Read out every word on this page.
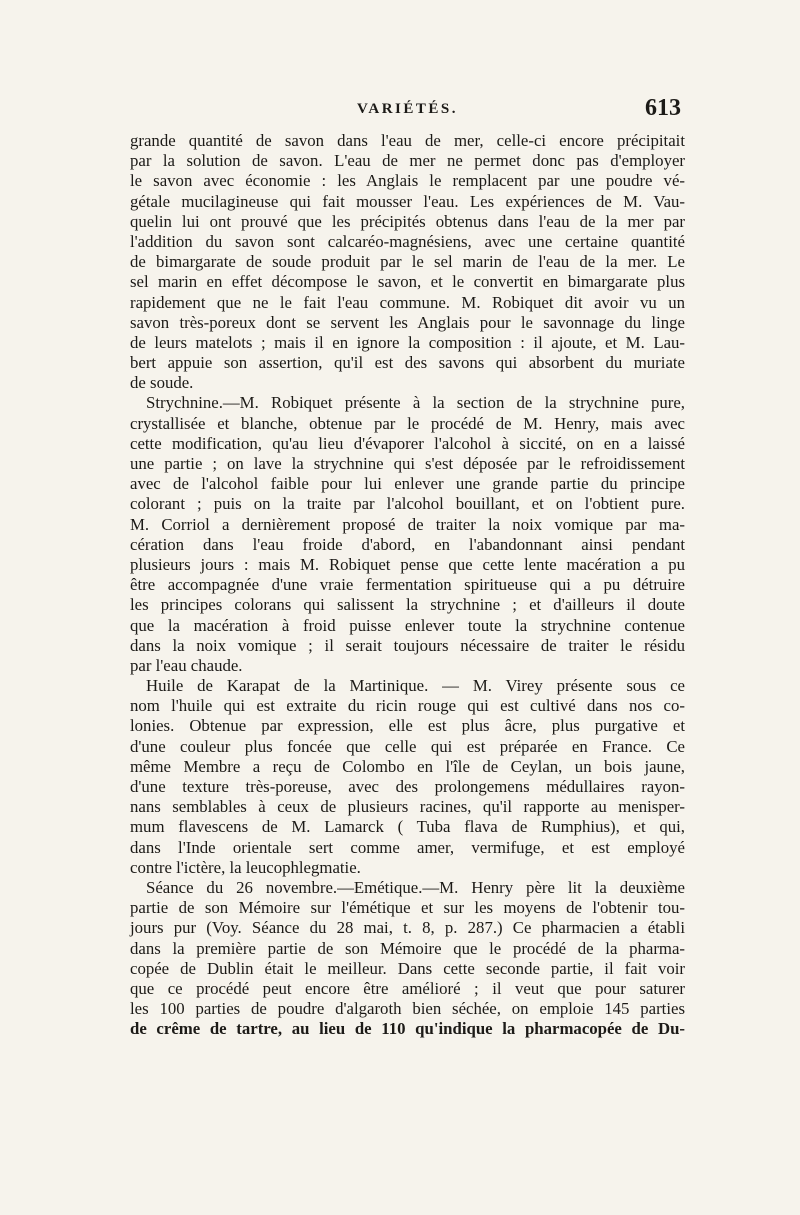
VARIÉTÉS.	613
grande quantité de savon dans l'eau de mer, celle-ci encore précipitait
par la solution de savon. L'eau de mer ne permet donc pas d'employer
le savon avec économie : les Anglais le remplacent par une poudre vé-
gétale mucilagineuse qui fait mousser l'eau. Les expériences de M. Vau-
quelin lui ont prouvé que les précipités obtenus dans l'eau de la mer par
l'addition du savon sont calcaréo-magnésiens, avec une certaine quantité
de bimargarate de soude produit par le sel marin de l'eau de la mer. Le
sel marin en effet décompose le savon, et le convertit en bimargarate plus
rapidement que ne le fait l'eau commune. M. Robiquet dit avoir vu un
savon très-poreux dont se servent les Anglais pour le savonnage du linge
de leurs matelots ; mais il en ignore la composition : il ajoute, et M. Lau-
bert appuie son assertion, qu'il est des savons qui absorbent du muriate
de soude.
Strychnine.—M. Robiquet présente à la section de la strychnine pure,
crystallisée et blanche, obtenue par le procédé de M. Henry, mais avec
cette modification, qu'au lieu d'évaporer l'alcohol à siccité, on en a laissé
une partie ; on lave la strychnine qui s'est déposée par le refroidissement
avec de l'alcohol faible pour lui enlever une grande partie du principe
colorant ; puis on la traite par l'alcohol bouillant, et on l'obtient pure.
M. Corriol a dernièrement proposé de traiter la noix vomique par ma-
cération dans l'eau froide d'abord, en l'abandonnant ainsi pendant
plusieurs jours : mais M. Robiquet pense que cette lente macération a pu
être accompagnée d'une vraie fermentation spiritueuse qui a pu détruire
les principes colorans qui salissent la strychnine ; et d'ailleurs il doute
que la macération à froid puisse enlever toute la strychnine contenue
dans la noix vomique ; il serait toujours nécessaire de traiter le résidu
par l'eau chaude.
Huile de Karapat de la Martinique. — M. Virey présente sous ce
nom l'huile qui est extraite du ricin rouge qui est cultivé dans nos co-
lonies. Obtenue par expression, elle est plus âcre, plus purgative et
d'une couleur plus foncée que celle qui est préparée en France. Ce
même Membre a reçu de Colombo en l'île de Ceylan, un bois jaune,
d'une texture très-poreuse, avec des prolongemens médullaires rayon-
nans semblables à ceux de plusieurs racines, qu'il rapporte au menisper-
mum flavescens de M. Lamarck ( Tuba flava de Rumphius), et qui,
dans l'Inde orientale sert comme amer, vermifuge, et est employé
contre l'ictère, la leucophlegmatie.
Séance du 26 novembre.—Emétique.—M. Henry père lit la deuxième
partie de son Mémoire sur l'émétique et sur les moyens de l'obtenir tou-
jours pur (Voy. Séance du 28 mai, t. 8, p. 287.) Ce pharmacien a établi
dans la première partie de son Mémoire que le procédé de la pharma-
copée de Dublin était le meilleur. Dans cette seconde partie, il fait voir
que ce procédé peut encore être amélioré ; il veut que pour saturer
les 100 parties de poudre d'algaroth bien séchée, on emploie 145 parties
de crême de tartre, au lieu de 110 qu'indique la pharmacopée de Du-
